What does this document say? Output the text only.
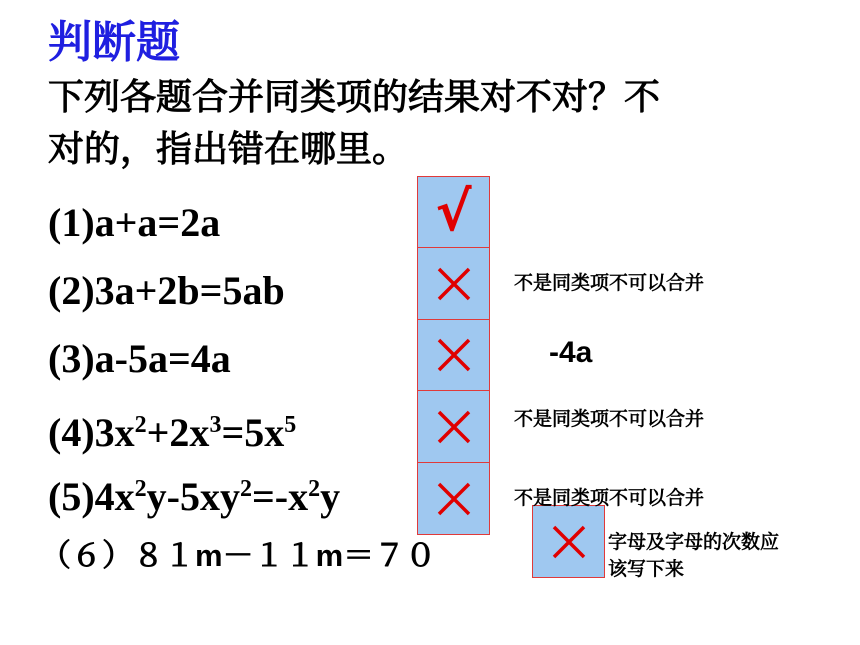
判断题
下列各题合并同类项的结果对不对？不
对的，指出错在哪里。
(1)a+a=2a
(2)3a+2b=5ab
(3)a-5a=4a
$(4)3x^2+2x^3=5x^5$
$(5)4x^2y-5xy^2=-x^2y$
（６）８１m－１１m＝７０
√
不是同类项不可以合并
-4a
不是同类项不可以合并
不是同类项不可以合并
字母及字母的次数应
该写下来
